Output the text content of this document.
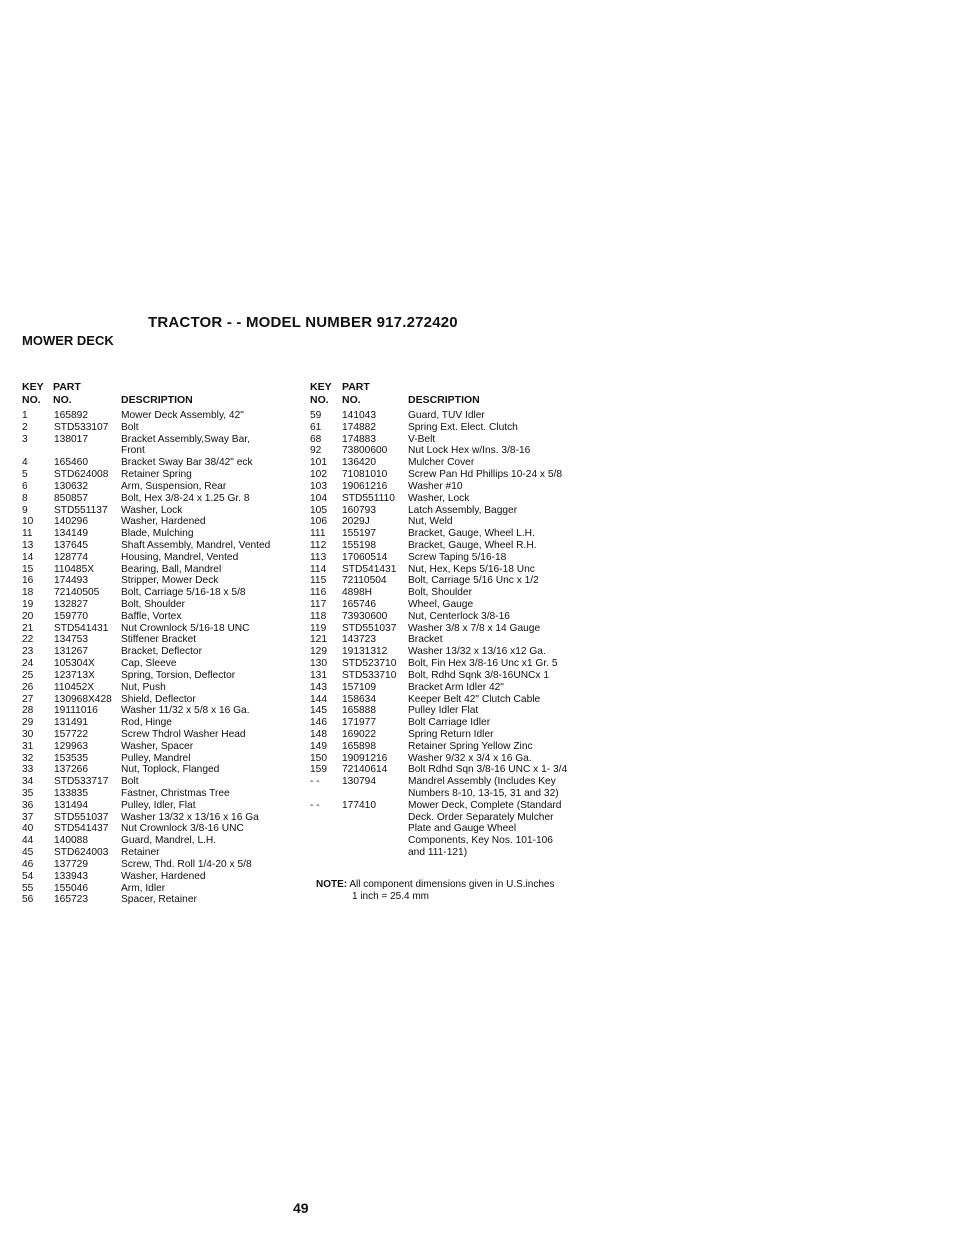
TRACTOR - - MODEL NUMBER 917.272420
MOWER DECK
KEY
NO.
PART
NO.	DESCRIPTION
KEY
NO.
PART
NO.	DESCRIPTION
1	165892	Mower Deck Assembly, 42"
2	STD533107 Bolt
3	138017	Bracket Assembly,Sway Bar,
Front
4	165460	Bracket Sway Bar 38/42" eck
5	STD624008 Retainer Spring
6	130632	Arm, Suspension, Rear
8	850857	Bolt, Hex 3/8-24 x 1.25 Gr. 8
9	STD551137 Washer, Lock
10 140296	Washer, Hardened
11 134149	Blade, Mulching
13 137645	Shaft Assembly, Mandrel, Vented
14 128774	Housing, Mandrel, Vented
15 110485X	Bearing, Ball, Mandrel
16 174493	Stripper, Mower Deck
18 72140505 Bolt, Carriage 5/16-18 x 5/8
19 132827	Bolt, Shoulder
20 159770	Baffle, Vortex
21 STD541431 Nut Crownlock 5/16-18 UNC
22 134753	Stiffener Bracket
23 131267	Bracket, Deflector
24 105304X	Cap, Sleeve
25 123713X	Spring, Torsion, Deflector
26 110452X	Nut, Push
27 130968X428 Shield, Deflector
28 19111016 Washer 11/32 x 5/8 x 16 Ga.
29 131491	Rod, Hinge
30 157722	Screw Thdrol Washer Head
31 129963	Washer, Spacer
32 153535	Pulley, Mandrel
33 137266	Nut, Toplock, Flanged
34 STD533717 Bolt
35 133835	Fastner, Christmas Tree
36 131494	Pulley, Idler, Flat
37 STD551037 Washer 13/32 x 13/16 x 16 Ga
40 STD541437 Nut Crownlock 3/8-16 UNC
44 140088	Guard, Mandrel, L.H.
45 STD624003 Retainer
46 137729	Screw, Thd. Roll 1/4-20 x 5/8
54 133943	Washer, Hardened
55 155046	Arm, Idler
56 165723	Spacer, Retainer
59 141043	Guard, TUV Idler
61 174882	Spring Ext. Elect. Clutch
68 174883	V-Belt
92 73800600 Nut Lock Hex w/Ins. 3/8-16
101 136420	Mulcher Cover
102 71081010 Screw Pan Hd Phillips 10-24 x 5/8
103 19061216 Washer #10
104 STD551110 Washer, Lock
105 160793	Latch Assembly, Bagger
106 2029J	Nut, Weld
111 155197	Bracket, Gauge, Wheel L.H.
112 155198	Bracket, Gauge, Wheel R.H.
113 17060514 Screw Taping 5/16-18
114 STD541431 Nut, Hex, Keps 5/16-18 Unc
115 72110504 Bolt, Carriage 5/16 Unc x 1/2
116 4898H	Bolt, Shoulder
117 165746	Wheel, Gauge
118 73930600 Nut, Centerlock 3/8-16
119 STD551037 Washer 3/8 x 7/8 x 14 Gauge
121 143723	Bracket
129 19131312 Washer 13/32 x 13/16 x12 Ga.
130 STD523710 Bolt, Fin Hex 3/8-16 Unc x1 Gr. 5
131 STD533710 Bolt, Rdhd Sqnk 3/8-16UNCx 1
143 157109	Bracket Arm Idler 42"
144 158634	Keeper Belt 42" Clutch Cable
145 165888	Pulley Idler Flat
146 171977	Bolt Carriage Idler
148 169022	Spring Return Idler
149 165898	Retainer Spring Yellow Zinc
150 19091216 Washer 9/32 x 3/4 x 16 Ga.
159 72140614 Bolt Rdhd Sqn 3/8-16 UNC x 1- 3/4
- - 130794	Mandrel Assembly (Includes Key
Numbers 8-10, 13-15, 31 and 32)
- - 177410	Mower Deck, Complete (Standard
Deck. Order Separately Mulcher
Plate and Gauge Wheel
Components, Key Nos. 101-106
and 111-121)
NOTE: All component dimensions given in U.S.inches
1 inch = 25.4 mm
49
